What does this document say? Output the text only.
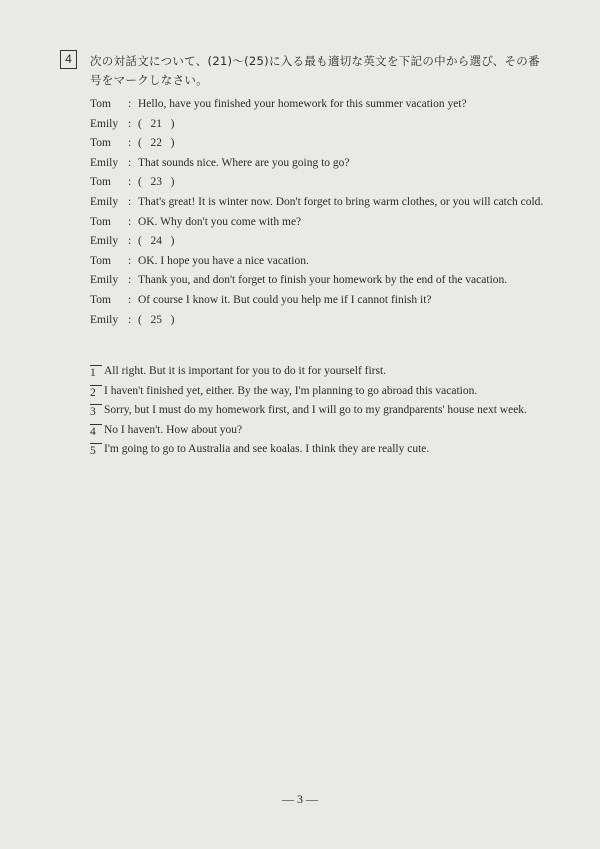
4	次の対話文について、(21)～(25)に入る最も適切な英文を下記の中から選び、その番号をマークしなさい。
Tom	: Hello, have you finished your homework for this summer vacation yet?
Emily : (   21   )
Tom	: (   22   )
Emily : That sounds nice. Where are you going to go?
Tom	: (   23   )
Emily : That's great! It is winter now. Don't forget to bring warm clothes, or you will catch cold.
Tom	: OK. Why don't you come with me?
Emily : (   24   )
Tom	: OK. I hope you have a nice vacation.
Emily : Thank you, and don't forget to finish your homework by the end of the vacation.
Tom	: Of course I know it. But could you help me if I cannot finish it?
Emily : (   25   )
1 All right. But it is important for you to do it for yourself first.
2 I haven't finished yet, either. By the way, I'm planning to go abroad this vacation.
3 Sorry, but I must do my homework first, and I will go to my grandparents' house next week.
4 No I haven't. How about you?
5 I'm going to go to Australia and see koalas. I think they are really cute.
— 3 —
